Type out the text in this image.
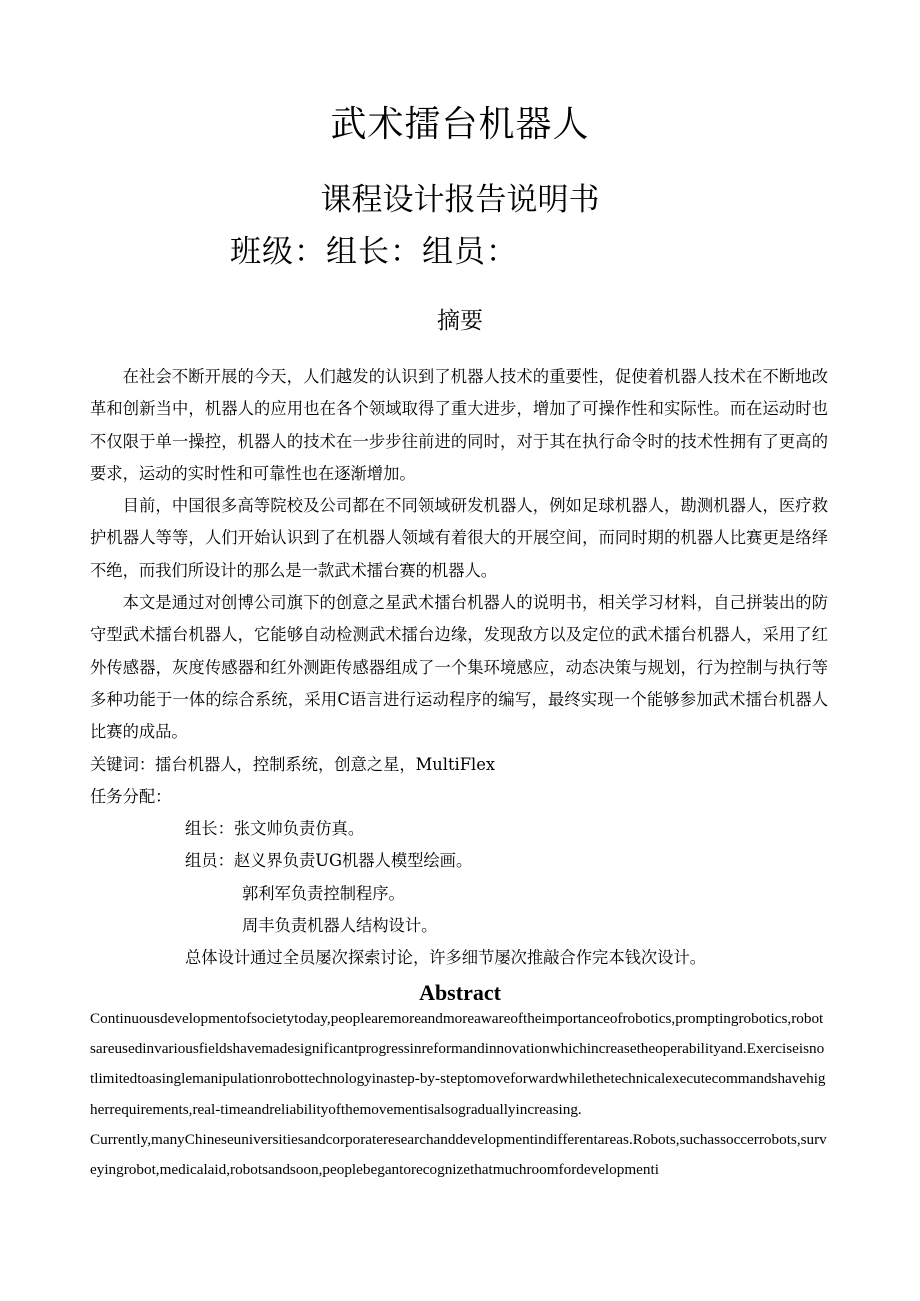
武术擂台机器人
课程设计报告说明书
班级：组长：组员：
摘要

在社会不断开展的今天，人们越发的认识到了机器人技术的重要性，促使着机器人技术在不断地改革和创新当中，机器人的应用也在各个领域取得了重大进步，增加了可操作性和实际性。而在运动时也不仅限于单一操控，机器人的技术在一步步往前进的同时，对于其在执行命令时的技术性拥有了更高的要求，运动的实时性和可靠性也在逐渐增加。

目前，中国很多高等院校及公司都在不同领域研发机器人，例如足球机器人，勘测机器人，医疗救护机器人等等，人们开始认识到了在机器人领域有着很大的开展空间，而同时期的机器人比赛更是络绎不绝，而我们所设计的那么是一款武术擂台赛的机器人。

本文是通过对创博公司旗下的创意之星武术擂台机器人的说明书，相关学习材料，自己拼装出的防守型武术擂台机器人，它能够自动检测武术擂台边缘，发现敌方以及定位的武术擂台机器人，采用了红外传感器，灰度传感器和红外测距传感器组成了一个集环境感应，动态决策与规划，行为控制与执行等多种功能于一体的综合系统，采用C语言进行运动程序的编写，最终实现一个能够参加武术擂台机器人比赛的成品。

关键词：擂台机器人，控制系统，创意之星，MultiFlex

任务分配：

组长：张文帅负责仿真。

组员：赵义界负责UG机器人模型绘画。

郭利军负责控制程序。

周丰负责机器人结构设计。

总体设计通过全员屡次探索讨论，许多细节屡次推敲合作完本钱次设计。

Abstract

Continuousdevelopmentofsocietytoday,peoplearemoreandmoreawareoftheimportanceofrobotics,promptingrobotics,robotsareusedinvariousfieldshavemadesignificantprogressinreformandinnovationwhichincreasetheoperabilityand.Exerciseisnotlimitedtoasinglemanipulationrobottechnologyinastep-by-steptomoveforwardwhilethetechnicalexecutecommandshavehigherrequirements,real-timeandreliabilityofthemovementisalsograduallyincreasing.

Currently,manyChineseuniversitiesandcorporateresearchanddevelopmentindifferentareas.Robots,suchassoccerrobots,surveyingrobot,medicalaid,robotsandsoon,peoplebegantorecognizethatmuchroomfordevelopmenti
